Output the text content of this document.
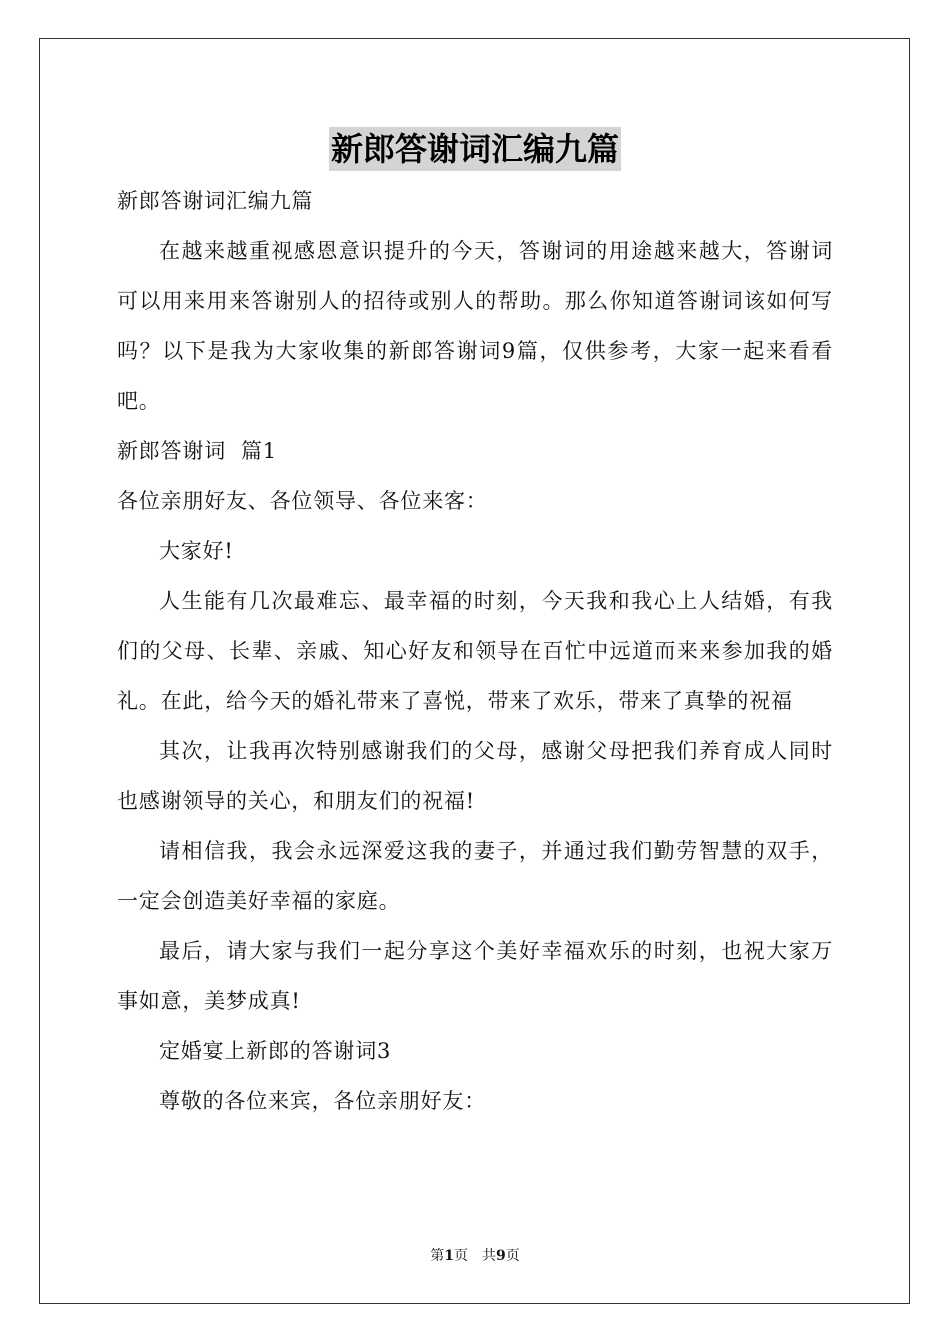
新郎答谢词汇编九篇

新郎答谢词汇编九篇

在越来越重视感恩意识提升的今天，答谢词的用途越来越大，答谢词可以用来用来答谢别人的招待或别人的帮助。那么你知道答谢词该如何写吗？以下是我为大家收集的新郎答谢词9篇，仅供参考，大家一起来看看吧。

新郎答谢词  篇1

各位亲朋好友、各位领导、各位来客：

大家好!

人生能有几次最难忘、最幸福的时刻，今天我和我心上人结婚，有我们的父母、长辈、亲戚、知心好友和领导在百忙中远道而来来参加我的婚礼。在此，给今天的婚礼带来了喜悦，带来了欢乐，带来了真挚的祝福

其次，让我再次特别感谢我们的父母，感谢父母把我们养育成人同时也感谢领导的关心，和朋友们的祝福!

请相信我，我会永远深爱这我的妻子，并通过我们勤劳智慧的双手，一定会创造美好幸福的家庭。

最后，请大家与我们一起分享这个美好幸福欢乐的时刻，也祝大家万事如意，美梦成真!

定婚宴上新郎的答谢词3

尊敬的各位来宾，各位亲朋好友：

第1页 共9页
